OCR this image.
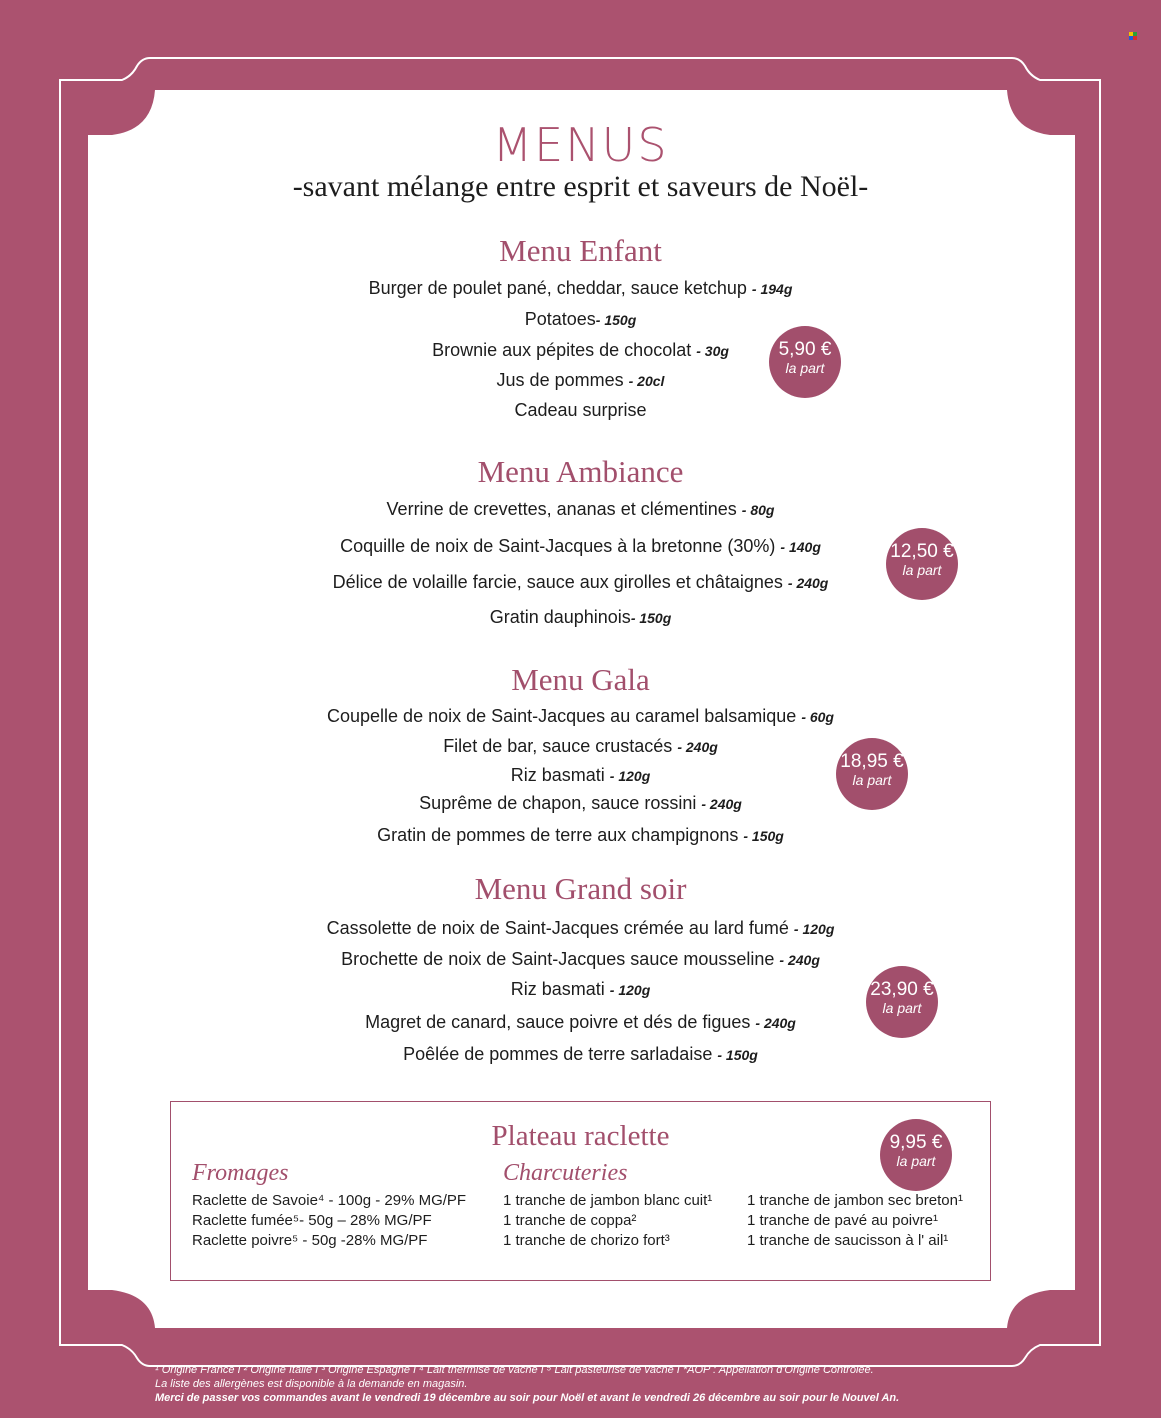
MENUS
-savant mélange entre esprit et saveurs de Noël-
Menu Enfant
Burger de poulet pané, cheddar, sauce ketchup - 194g
Potatoes- 150g
Brownie aux pépites de chocolat - 30g
Jus de pommes - 20cl
Cadeau surprise
5,90 €
la part
Menu Ambiance
Verrine de crevettes, ananas et clémentines - 80g
Coquille de noix de Saint-Jacques à la bretonne (30%) - 140g
Délice de volaille farcie, sauce aux girolles et châtaignes - 240g
Gratin dauphinois- 150g
12,50 €
la part
Menu Gala
Coupelle de noix de Saint-Jacques au caramel balsamique - 60g
Filet de bar, sauce crustacés - 240g
Riz basmati - 120g
Suprême de chapon, sauce rossini - 240g
Gratin de pommes de terre aux champignons - 150g
18,95 €
la part
Menu Grand soir
Cassolette de noix de Saint-Jacques crémée au lard fumé - 120g
Brochette de noix de Saint-Jacques sauce mousseline - 240g
Riz basmati - 120g
Magret de canard, sauce poivre et dés de figues - 240g
Poêlée de pommes de terre sarladaise - 150g
23,90 €
la part
Plateau raclette	9,95 €
la part
Fromages
Raclette de Savoie⁴ - 100g - 29% MG/PF
Raclette fumée⁵- 50g – 28% MG/PF
Raclette poivre⁵ - 50g -28% MG/PF
Charcuteries
1 tranche de jambon blanc cuit¹
1 tranche de coppa²
1 tranche de chorizo fort³
1 tranche de jambon sec breton¹
1 tranche de pavé au poivre¹
1 tranche de saucisson à l' ail¹
¹ Origine France I ² Origine Italie I ³ Origine Espagne I ⁴ Lait thermisé de vache I ⁵ Lait pasteurisé de vache I *AOP : Appellation d'Origine Contrôlée.
La liste des allergènes est disponible à la demande en magasin.
Merci de passer vos commandes avant le vendredi 19 décembre au soir pour Noël et avant le vendredi 26 décembre au soir pour le Nouvel An.
